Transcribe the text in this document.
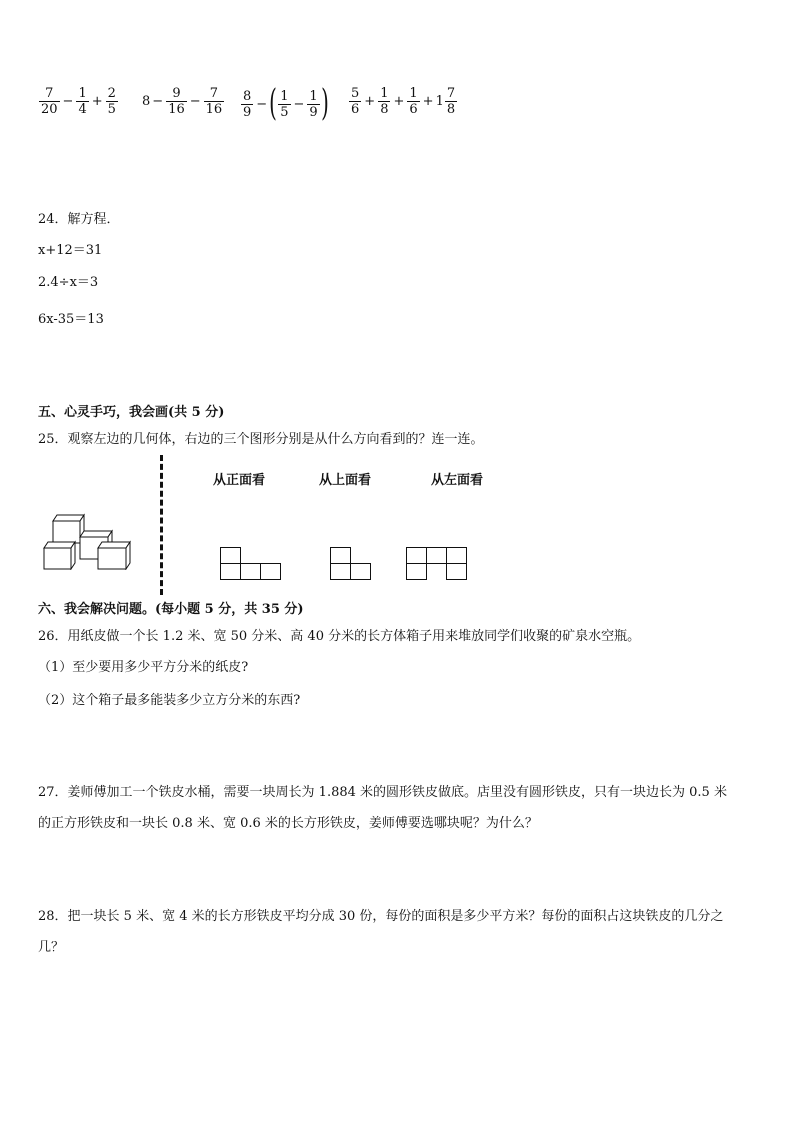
$\frac{7}{20} - \frac{1}{4} + \frac{2}{5} 8 - \frac{9}{16} - \frac{7}{16} \frac{8}{9}$ − ( $\frac{1}{5} - \frac{1}{9}$ ) $\frac{5}{6} + \frac{1}{8} + \frac{1}{6} + 1 \frac{7}{8}$
24．解方程．
x+12＝31
2.4÷x＝3
6x-35＝13
五、心灵手巧，我会画(共 5 分)
25．观察左边的几何体，右边的三个图形分别是从什么方向看到的？连一连。
从正面看	从上面看	从左面看
六、我会解决问题。(每小题 5 分，共 35 分)
26．用纸皮做一个长 1.2 米、宽 50 分米、高 40 分米的长方体箱子用来堆放同学们收聚的矿泉水空瓶。
（1）至少要用多少平方分米的纸皮?
（2）这个箱子最多能装多少立方分米的东西?
27．姜师傅加工一个铁皮水桶，需要一块周长为 1.884 米的圆形铁皮做底。店里没有圆形铁皮，只有一块边长为 0.5 米
的正方形铁皮和一块长 0.8 米、宽 0.6 米的长方形铁皮，姜师傅要选哪块呢？为什么？
28．把一块长 5 米、宽 4 米的长方形铁皮平均分成 30 份，每份的面积是多少平方米？每份的面积占这块铁皮的几分之
几？
